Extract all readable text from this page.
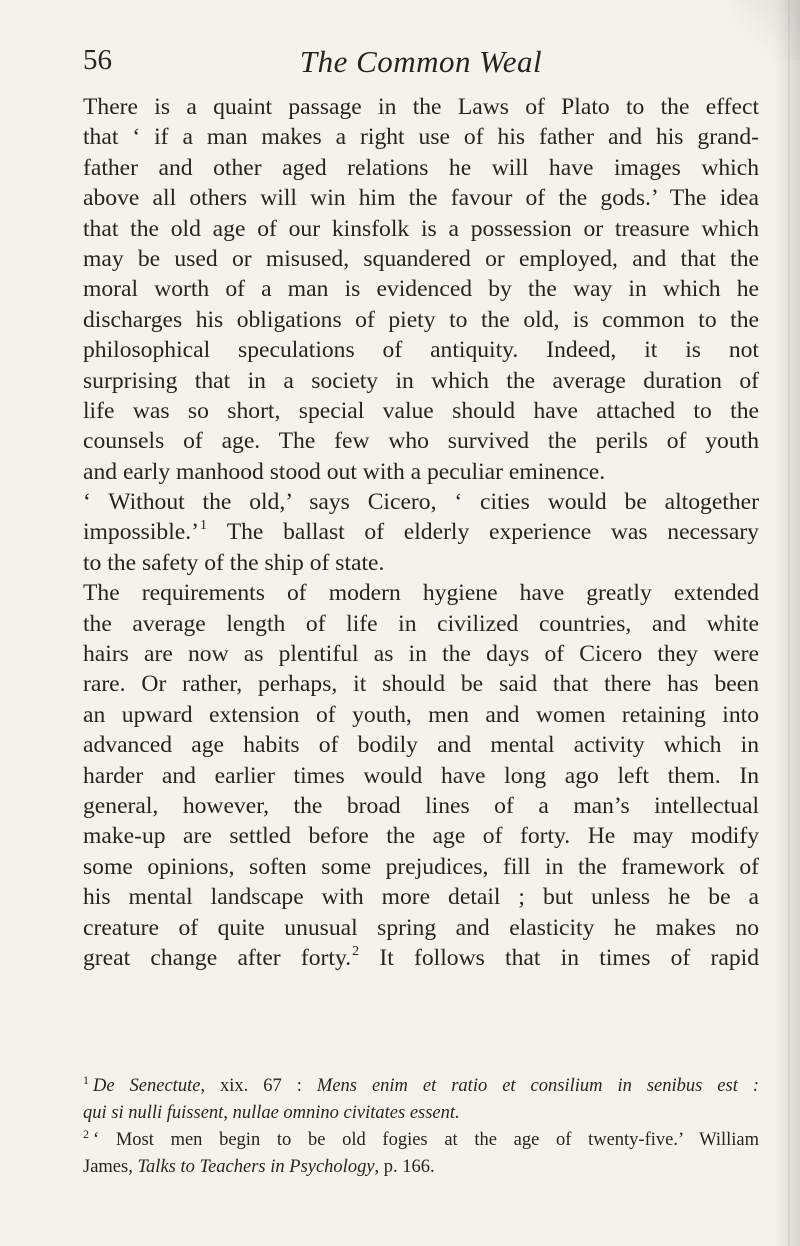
56	The Common Weal
There is a quaint passage in the Laws of Plato to the effect
that ‘ if a man makes a right use of his father and his grand-
father and other aged relations he will have images which
above all others will win him the favour of the gods.’ The idea
that the old age of our kinsfolk is a possession or treasure which
may be used or misused, squandered or employed, and that the
moral worth of a man is evidenced by the way in which he
discharges his obligations of piety to the old, is common to the
philosophical speculations of antiquity. Indeed, it is not
surprising that in a society in which the average duration of
life was so short, special value should have attached to the
counsels of age. The few who survived the perils of youth
and early manhood stood out with a peculiar eminence.
‘ Without the old,’ says Cicero, ‘ cities would be altogether
impossible.’$^1$ The ballast of elderly experience was necessary
to the safety of the ship of state.
The requirements of modern hygiene have greatly extended
the average length of life in civilized countries, and white
hairs are now as plentiful as in the days of Cicero they were
rare. Or rather, perhaps, it should be said that there has been
an upward extension of youth, men and women retaining into
advanced age habits of bodily and mental activity which in
harder and earlier times would have long ago left them. In
general, however, the broad lines of a man’s intellectual
make-up are settled before the age of forty. He may modify
some opinions, soften some prejudices, fill in the framework of
his mental landscape with more detail ; but unless he be a
creature of quite unusual spring and elasticity he makes no
great change after forty.$^2$ It follows that in times of rapid
$^1$ De Senectute, xix. 67 : Mens enim et ratio et consilium in senibus est :
qui si nulli fuissent, nullae omnino civitates essent.
$^2$ ‘ Most men begin to be old fogies at the age of twenty-five.’ William
James, Talks to Teachers in Psychology, p. 166.
